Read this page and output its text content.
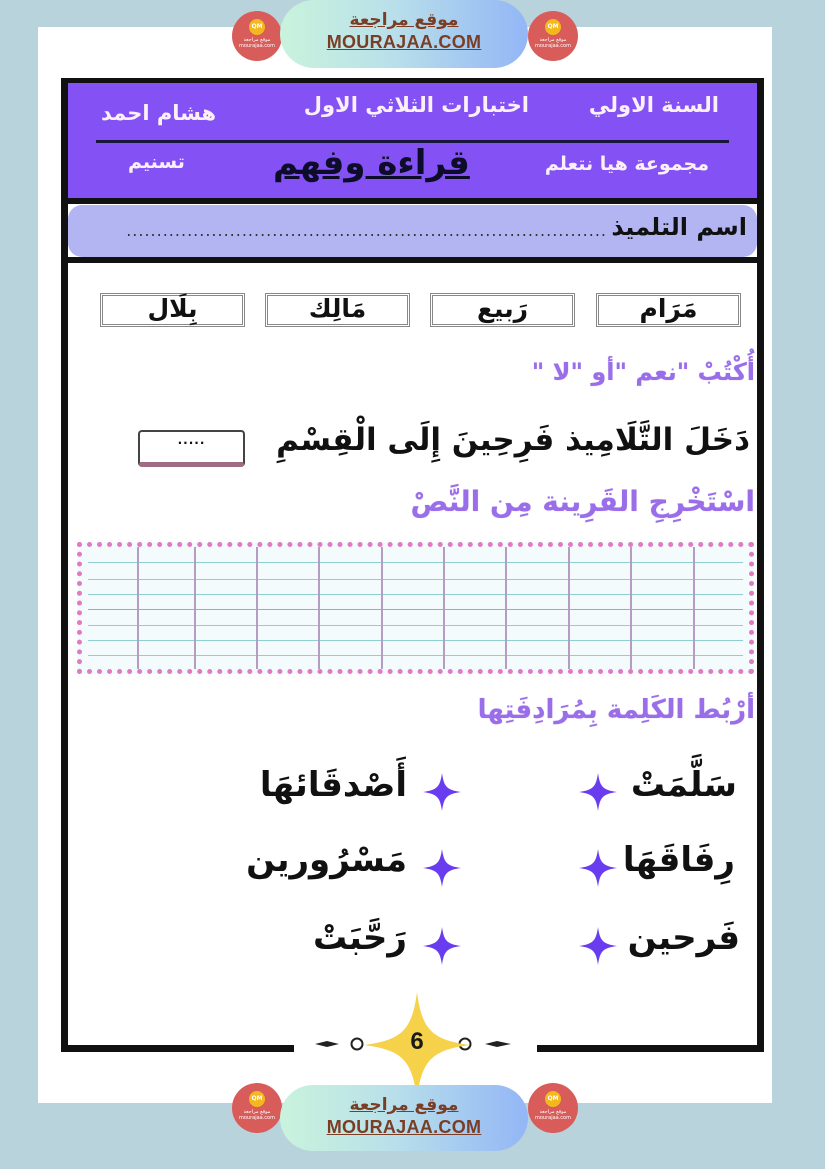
QM
موقع مراجعة mourajaa.com
موقع مراجعة
MOURAJAA.COM
QM
موقع مراجعة mourajaa.com
السنة الاولي
اختبارات الثلاثي الاول
هشام احمد
مجموعة هيا نتعلم
قراءة وفهم
تسنيم
اسم التلميذ
...............................................................................
مَرَام
رَبيع
مَالِك
بِلَال
أُكْتُبْ "نعم "أو "لا "
دَخَلَ التَّلَامِيذ فَرِحِينَ إِلَى الْقِسْمِ
.....
اسْتَخْرِجِ القَرِينة مِن النَّصْ
أرْبُط الكَلِمة بِمُرَادِفَتِها
سَلَّمَتْ
رِفَاقَهَا
فَرحين
أَصْدقَائهَا
مَسْرُورين
رَحَّبَتْ
6
QM
موقع مراجعة mourajaa.com
موقع مراجعة
MOURAJAA.COM
QM
موقع مراجعة mourajaa.com
